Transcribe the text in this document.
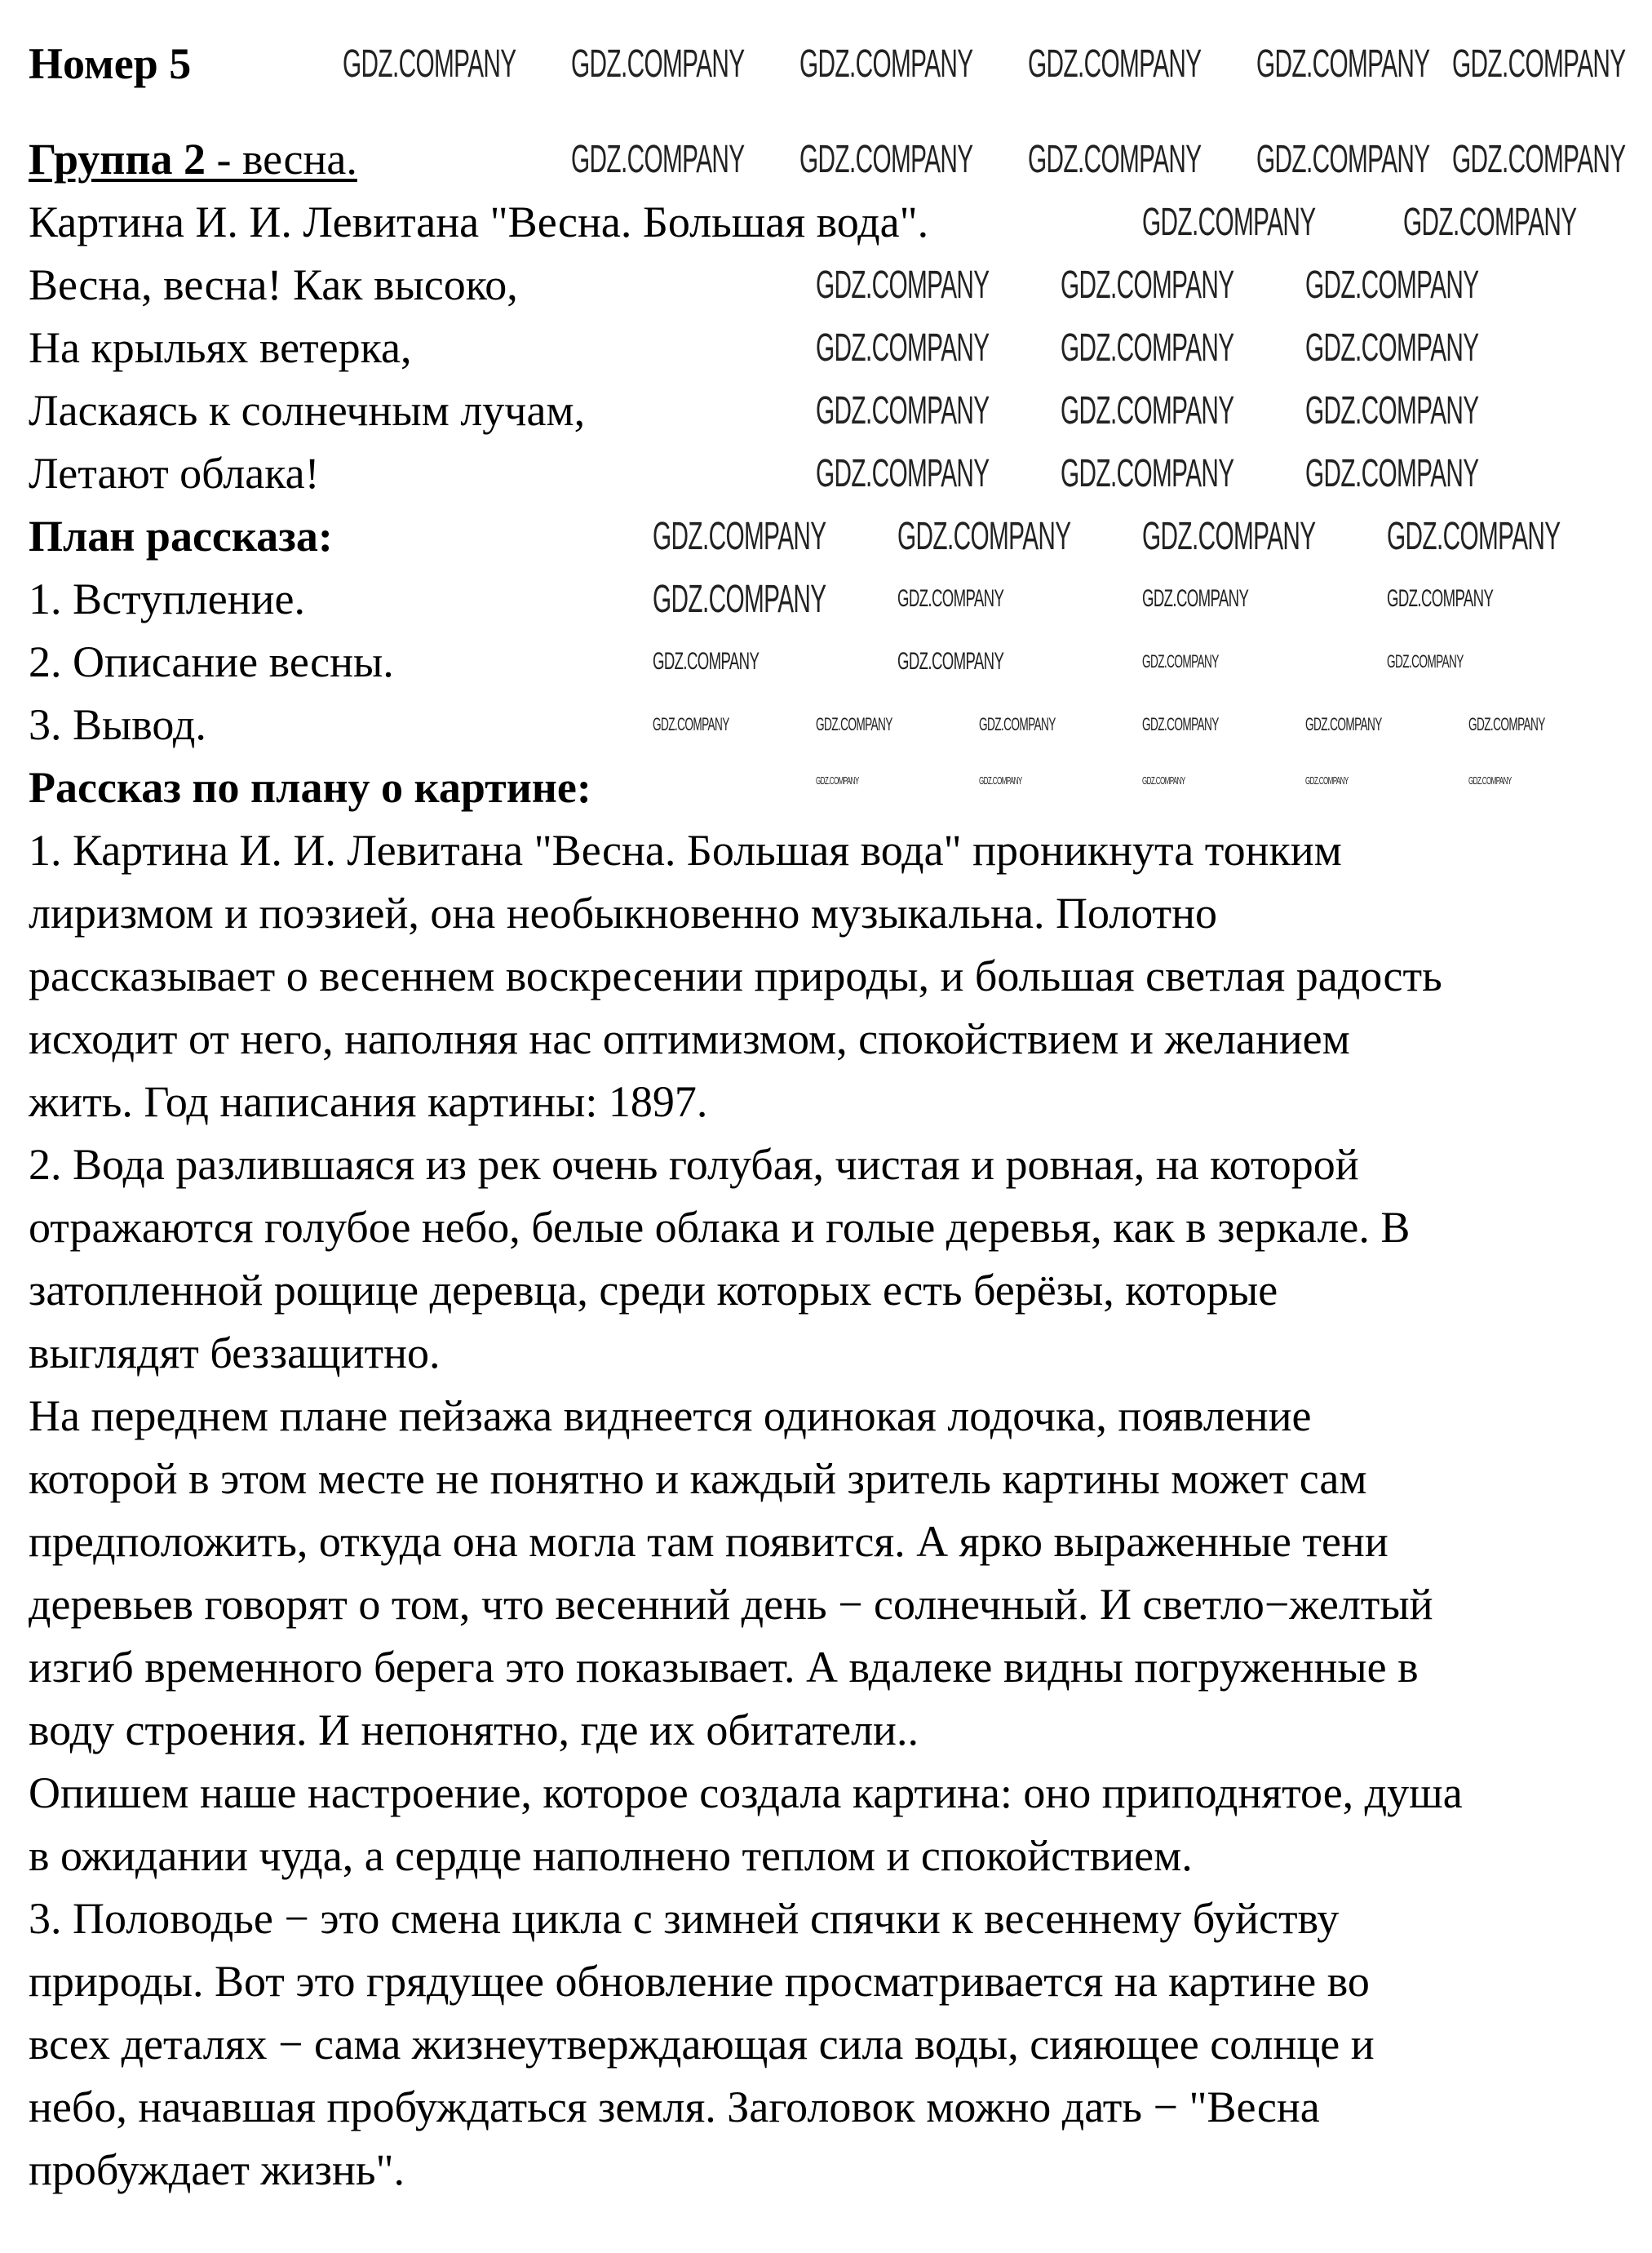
Номер 5
Группа 2 - весна.
Картина И. И. Левитана "Весна. Большая вода".
Весна, весна! Как высоко,
На крыльях ветерка,
Ласкаясь к солнечным лучам,
Летают облака!
План рассказа:
1. Вступление.
2. Описание весны.
3. Вывод.
Рассказ по плану о картине:
1. Картина И. И. Левитана "Весна. Большая вода" проникнута тонким
лиризмом и поэзией, она необыкновенно музыкальна. Полотно
рассказывает о весеннем воскресении природы, и большая светлая радость
исходит от него, наполняя нас оптимизмом, спокойствием и желанием
жить. Год написания картины: 1897.
2. Вода разлившаяся из рек очень голубая, чистая и ровная, на которой
отражаются голубое небо, белые облака и голые деревья, как в зеркале. В
затопленной рощице деревца, среди которых есть берёзы, которые
выглядят беззащитно.
На переднем плане пейзажа виднеется одинокая лодочка, появление
которой в этом месте не понятно и каждый зритель картины может сам
предположить, откуда она могла там появится. А ярко выраженные тени
деревьев говорят о том, что весенний день − солнечный. И светло−желтый
изгиб временного берега это показывает. А вдалеке видны погруженные в
воду строения. И непонятно, где их обитатели..
Опишем наше настроение, которое создала картина: оно приподнятое, душа
в ожидании чуда, а сердце наполнено теплом и спокойствием.
3. Половодье − это смена цикла с зимней спячки к весеннему буйству
природы. Вот это грядущее обновление просматривается на картине во
всех деталях − сама жизнеутверждающая сила воды, сияющее солнце и
небо, начавшая пробуждаться земля. Заголовок можно дать − "Весна
пробуждает жизнь".
GDZ.COMPANY GDZ.COMPANY GDZ.COMPANY GDZ.COMPANY GDZ.COMPANY GDZ.COMPANY
GDZ.COMPANY GDZ.COMPANY GDZ.COMPANY GDZ.COMPANY GDZ.COMPANY
GDZ.COMPANY GDZ.COMPANY
GDZ.COMPANY GDZ.COMPANY GDZ.COMPANY
GDZ.COMPANY GDZ.COMPANY GDZ.COMPANY
GDZ.COMPANY GDZ.COMPANY GDZ.COMPANY
GDZ.COMPANY GDZ.COMPANY GDZ.COMPANY
GDZ.COMPANY GDZ.COMPANY GDZ.COMPANY GDZ.COMPANY
GDZ.COMPANY	GDZ.COMPANY	GDZ.COMPANY	GDZ.COMPANY
GDZ.COMPANY	GDZ.COMPANY	GDZ.COMPANY	GDZ.COMPANY
GDZ.COMPANY	GDZ.COMPANY	GDZ.COMPANY	GDZ.COMPANY	GDZ.COMPANY	GDZ.COMPANY
GDZ.COMPANY	GDZ.COMPANY	GDZ.COMPANY	GDZ.COMPANY	GDZ.COMPANY
